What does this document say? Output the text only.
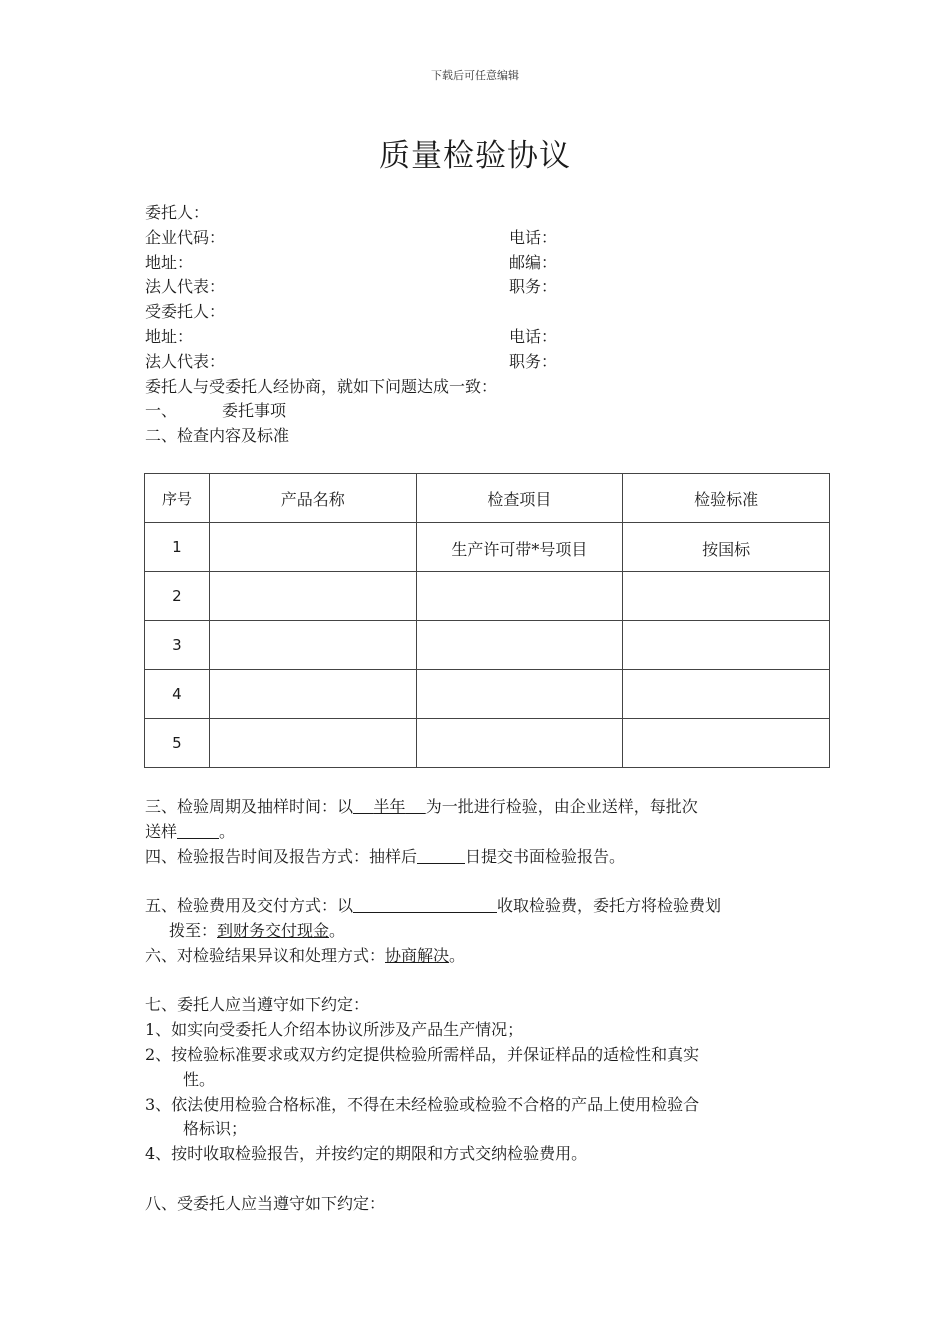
下载后可任意编辑
质量检验协议
委托人：
企业代码：	电话：
地址：	邮编：
法人代表：	职务：
受委托人：
地址：	电话：
法人代表：	职务：
委托人与受委托人经协商，就如下问题达成一致：
一、	委托事项
二、检查内容及标准
序号	产品名称	检查项目	检验标准
1		生产许可带*号项目	按国标
2			
3			
4			
5			
三、检验周期及抽样时间：以 半年 为一批进行检验，由企业送样，每批次
送样	。
四、检验报告时间及报告方式：抽样后	日提交书面检验报告。
五、检验费用及交付方式：以	收取检验费，委托方将检验费划
拨至：到财务交付现金。
六、对检验结果异议和处理方式：协商解决。
七、委托人应当遵守如下约定：
1、如实向受委托人介绍本协议所涉及产品生产情况；
2、按检验标准要求或双方约定提供检验所需样品，并保证样品的适检性和真实
性。
3、依法使用检验合格标准，不得在未经检验或检验不合格的产品上使用检验合
格标识；
4、按时收取检验报告，并按约定的期限和方式交纳检验费用。
八、受委托人应当遵守如下约定：
